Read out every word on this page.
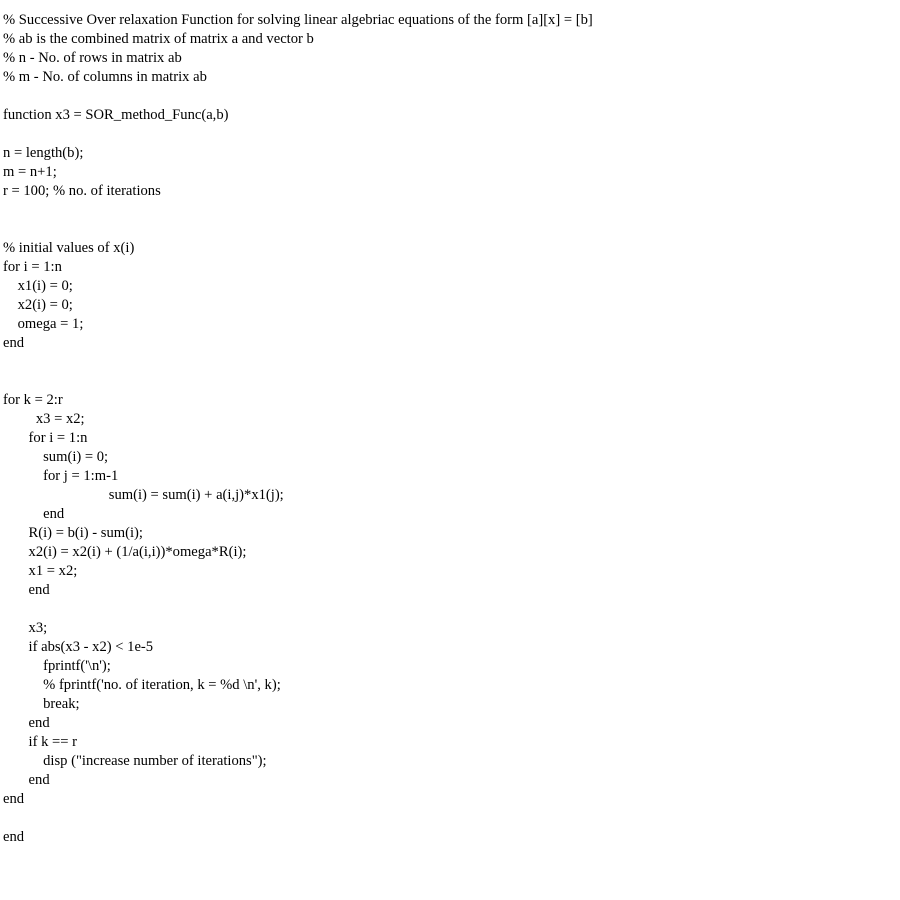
% Successive Over relaxation Function for solving linear algebriac equations of the form [a][x] = [b]
% ab is the combined matrix of matrix a and vector b
% n - No. of rows in matrix ab
% m - No. of columns in matrix ab
function x3 = SOR_method_Func(a,b)
n = length(b);
m = n+1;
r = 100; % no. of iterations
% initial values of x(i)
for i = 1:n
x1(i) = 0;
x2(i) = 0;
omega = 1;
end
for k = 2:r
x3 = x2;
for i = 1:n
sum(i) = 0;
for j = 1:m-1
sum(i) = sum(i) + a(i,j)*x1(j);
end
R(i) = b(i) - sum(i);
x2(i) = x2(i) + (1/a(i,i))*omega*R(i);
x1 = x2;
end
x3;
if abs(x3 - x2) < 1e-5
fprintf('\n');
% fprintf('no. of iteration, k = %d \n', k);
break;
end
if k == r
disp ("increase number of iterations");
end
end
end
